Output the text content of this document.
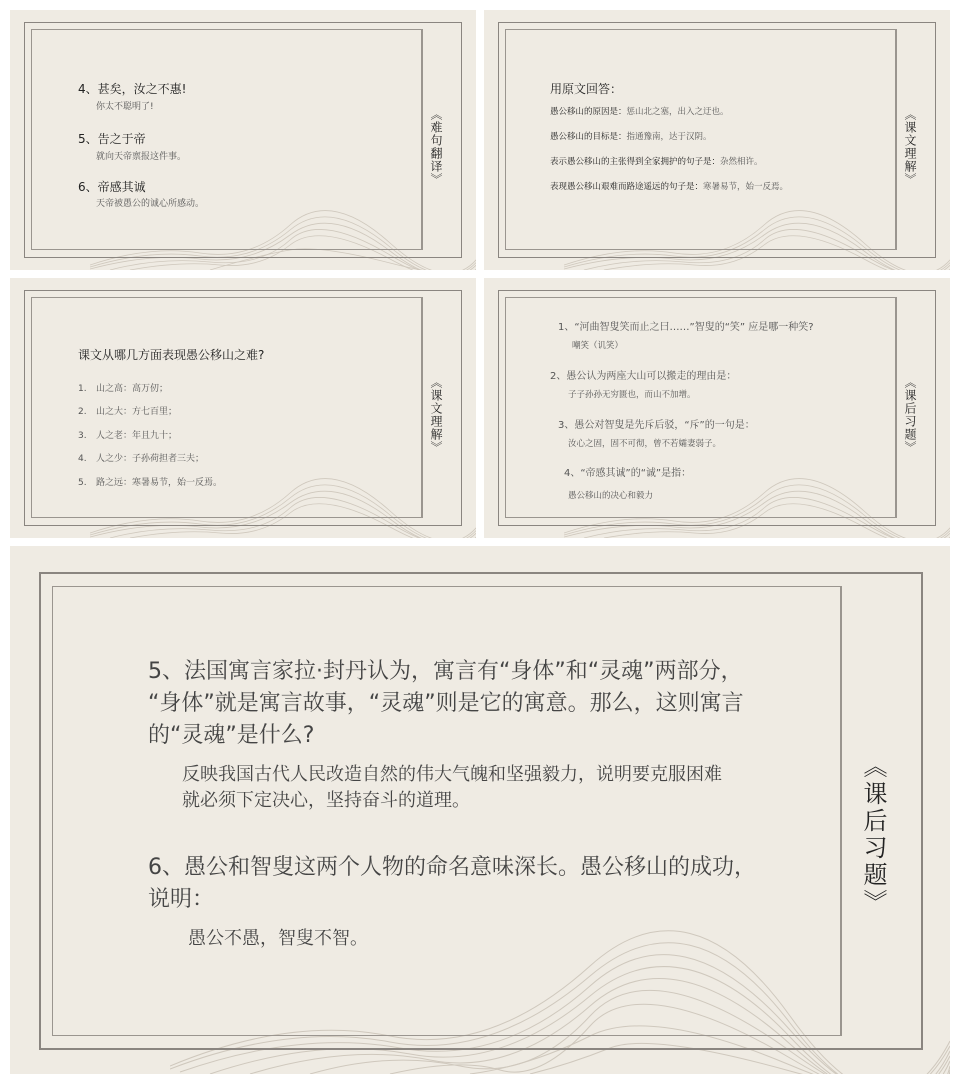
《难句翻译》
4、甚矣，汝之不惠!
你太不聪明了!
5、告之于帝
就向天帝禀报这件事。
6、帝感其诚
天帝被愚公的诚心所感动。
《课文理解》
用原文回答：
愚公移山的原因是：惩山北之塞，出入之迂也。
愚公移山的目标是：指通豫南，达于汉阴。
表示愚公移山的主张得到全家拥护的句子是：杂然相许。
表现愚公移山艰难而路途遥远的句子是：寒暑易节，始一反焉。
《课文理解》
课文从哪几方面表现愚公移山之难?
1. 山之高：高万仞；
2. 山之大：方七百里；
3. 人之老：年且九十；
4. 人之少：子孙荷担者三夫；
5. 路之远：寒暑易节，始一反焉。
《课后习题》
1、“河曲智叟笑而止之曰……”智叟的“笑” 应是哪一种笑?
嘲笑（讥笑）
2、愚公认为两座大山可以搬走的理由是：
子子孙孙无穷匮也，而山不加增。
3、愚公对智叟是先斥后驳，“斥”的一句是：
汝心之固，固不可彻，曾不若孀妻弱子。
4、“帝感其诚”的“诚”是指：
愚公移山的决心和毅力
《课后习题》
5、法国寓言家拉·封丹认为，寓言有“身体”和“灵魂”两部分，
“身体”就是寓言故事，“灵魂”则是它的寓意。那么，这则寓言
的“灵魂”是什么?
反映我国古代人民改造自然的伟大气魄和坚强毅力，说明要克服困难
就必须下定决心，坚持奋斗的道理。
6、愚公和智叟这两个人物的命名意味深长。愚公移山的成功，
说明：
愚公不愚，智叟不智。
